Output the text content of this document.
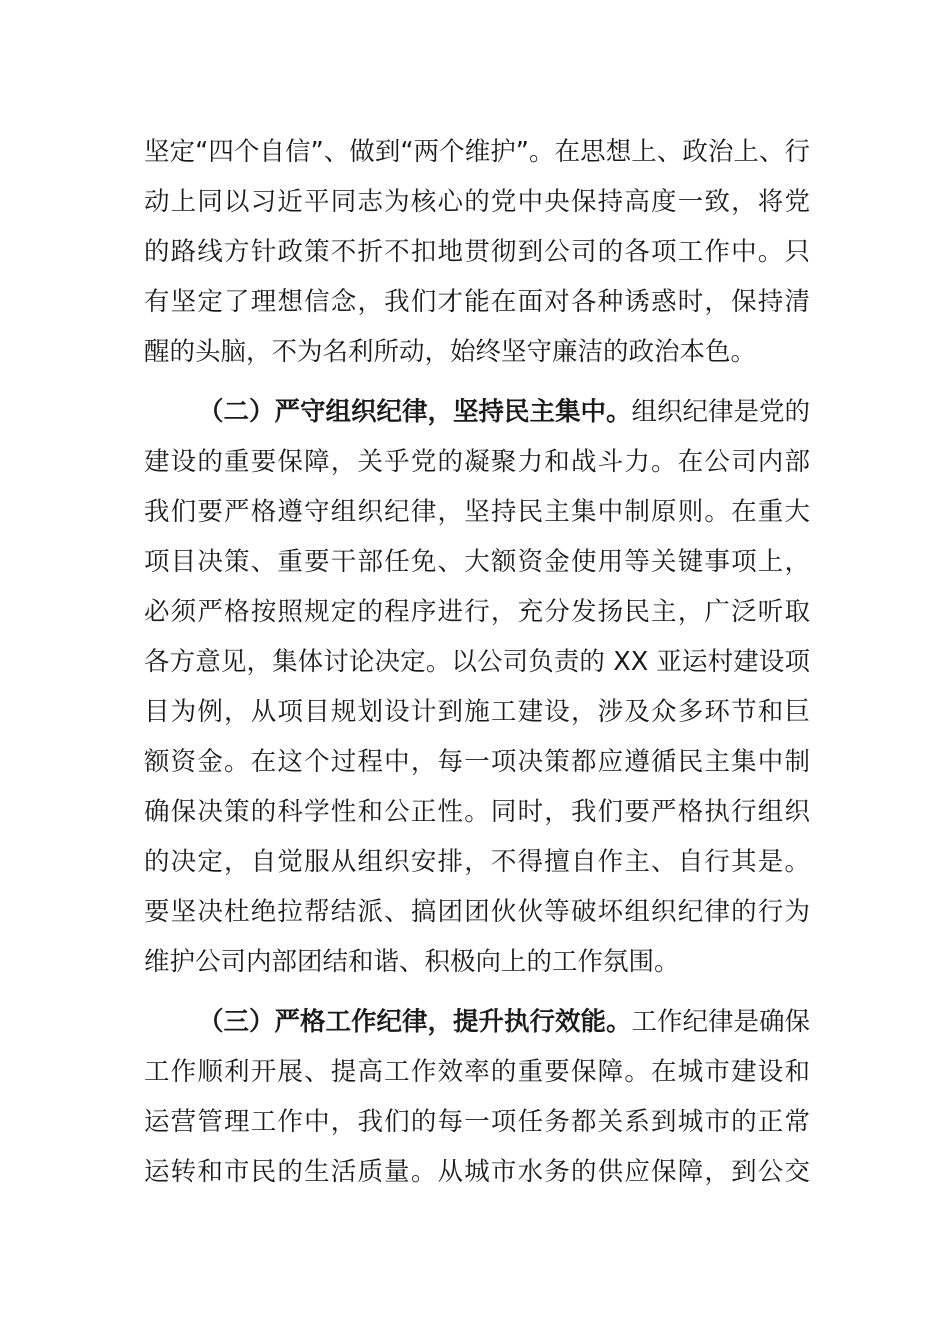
坚定“四个自信”、做到“两个维护”。在思想上、政治上、行
动上同以习近平同志为核心的党中央保持高度一致，将党
的路线方针政策不折不扣地贯彻到公司的各项工作中。只
有坚定了理想信念，我们才能在面对各种诱惑时，保持清
醒的头脑，不为名利所动，始终坚守廉洁的政治本色。
（二）严守组织纪律，坚持民主集中。组织纪律是党的
建设的重要保障，关乎党的凝聚力和战斗力。在公司内部
我们要严格遵守组织纪律，坚持民主集中制原则。在重大
项目决策、重要干部任免、大额资金使用等关键事项上，
必须严格按照规定的程序进行，充分发扬民主，广泛听取
各方意见，集体讨论决定。以公司负责的 XX 亚运村建设项
目为例，从项目规划设计到施工建设，涉及众多环节和巨
额资金。在这个过程中，每一项决策都应遵循民主集中制
确保决策的科学性和公正性。同时，我们要严格执行组织
的决定，自觉服从组织安排，不得擅自作主、自行其是。
要坚决杜绝拉帮结派、搞团团伙伙等破坏组织纪律的行为
维护公司内部团结和谐、积极向上的工作氛围。
（三）严格工作纪律，提升执行效能。工作纪律是确保
工作顺利开展、提高工作效率的重要保障。在城市建设和
运营管理工作中，我们的每一项任务都关系到城市的正常
运转和市民的生活质量。从城市水务的供应保障，到公交
